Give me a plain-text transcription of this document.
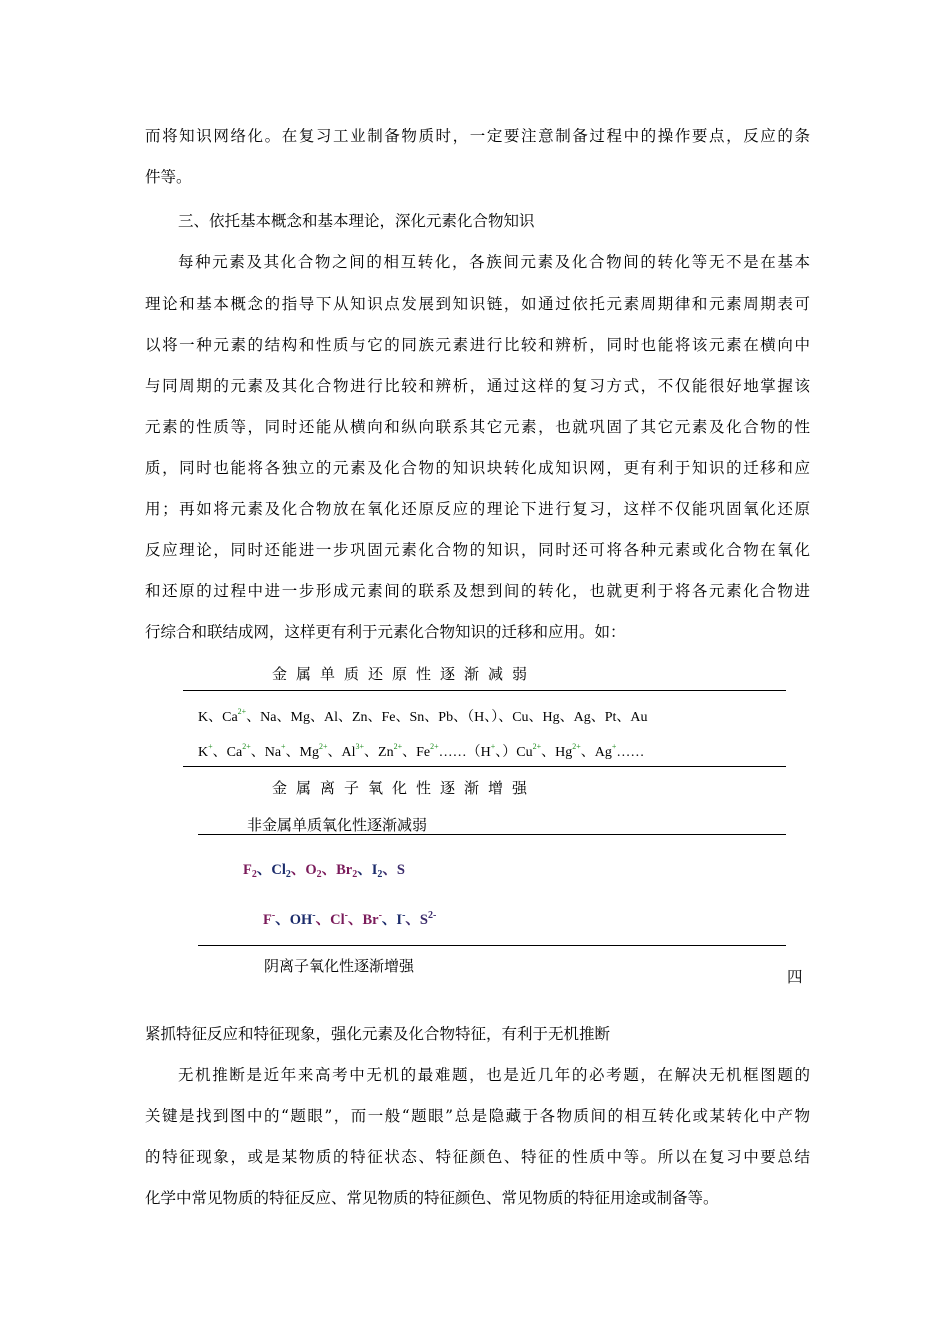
而将知识网络化。在复习工业制备物质时，一定要注意制备过程中的操作要点，反应的条
件等。
三、依托基本概念和基本理论，深化元素化合物知识
每种元素及其化合物之间的相互转化，各族间元素及化合物间的转化等无不是在基本
理论和基本概念的指导下从知识点发展到知识链，如通过依托元素周期律和元素周期表可
以将一种元素的结构和性质与它的同族元素进行比较和辨析，同时也能将该元素在横向中
与同周期的元素及其化合物进行比较和辨析，通过这样的复习方式，不仅能很好地掌握该
元素的性质等，同时还能从横向和纵向联系其它元素，也就巩固了其它元素及化合物的性
质，同时也能将各独立的元素及化合物的知识块转化成知识网，更有利于知识的迁移和应
用；再如将元素及化合物放在氧化还原反应的理论下进行复习，这样不仅能巩固氧化还原
反应理论，同时还能进一步巩固元素化合物的知识，同时还可将各种元素或化合物在氧化
和还原的过程中进一步形成元素间的联系及想到间的转化，也就更利于将各元素化合物进
行综合和联结成网，这样更有利于元素化合物知识的迁移和应用。如：
金属单质还原性逐渐减弱
K、$Ca^{2+}$、Na、Mg、Al、Zn、Fe、Sn、Pb、（H、）、Cu、Hg、Ag、Pt、Au
K+、$Ca^{2+}$、Na+、$Mg^{2+}$、$Al^{3+}$、$Zn^{2+}$、$Fe^{2+}\dots\dots(H^+$、）$Cu^{2+}$、$Hg^{2+}$、Ag+……
金属离子氧化性逐渐增强
非金属单质氧化性逐渐减弱
$F_2$、$Cl_2$、$O_2$、$Br_2$、$I_2$、S
F-、OH-、Cl-、Br-、I-、$S^{2-}$
阴离子氧化性逐渐增强
四
紧抓特征反应和特征现象，强化元素及化合物特征，有利于无机推断
无机推断是近年来高考中无机的最难题，也是近几年的必考题，在解决无机框图题的
关键是找到图中的“题眼”，而一般“题眼”总是隐藏于各物质间的相互转化或某转化中产物
的特征现象，或是某物质的特征状态、特征颜色、特征的性质中等。所以在复习中要总结
化学中常见物质的特征反应、常见物质的特征颜色、常见物质的特征用途或制备等。
